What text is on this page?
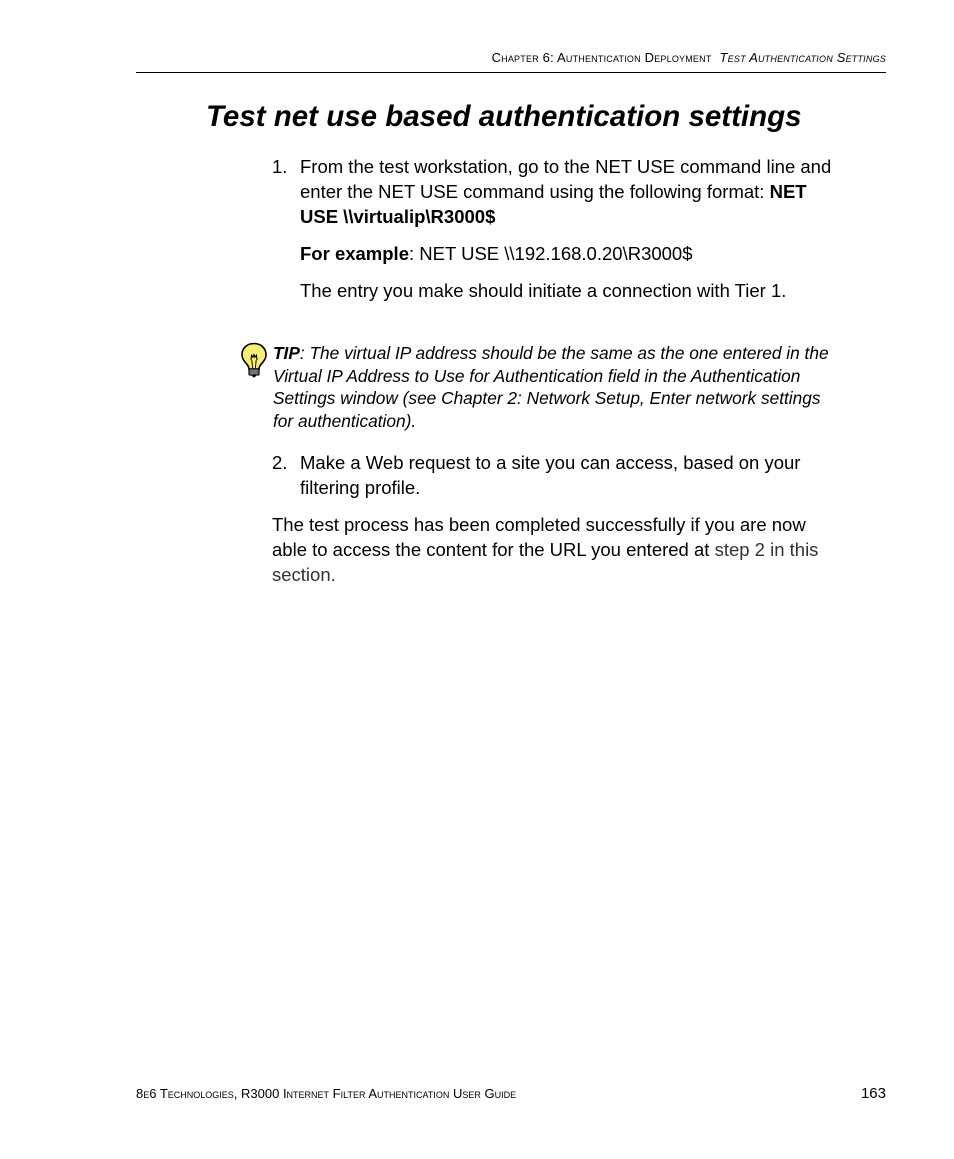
Chapter 6: Authentication Deployment Test Authentication Settings
Test net use based authentication settings
1. From the test workstation, go to the NET USE command line and enter the NET USE command using the following format: NET USE \\virtualip\R3000$

For example: NET USE \\192.168.0.20\R3000$

The entry you make should initiate a connection with Tier 1.

TIP: The virtual IP address should be the same as the one entered in the Virtual IP Address to Use for Authentication field in the Authentication Settings window (see Chapter 2: Network Setup, Enter network settings for authentication).
2. Make a Web request to a site you can access, based on your filtering profile.

The test process has been completed successfully if you are now able to access the content for the URL you entered at step 2 in this section.

8e6 Technologies, R3000 Internet Filter Authentication User Guide	163
